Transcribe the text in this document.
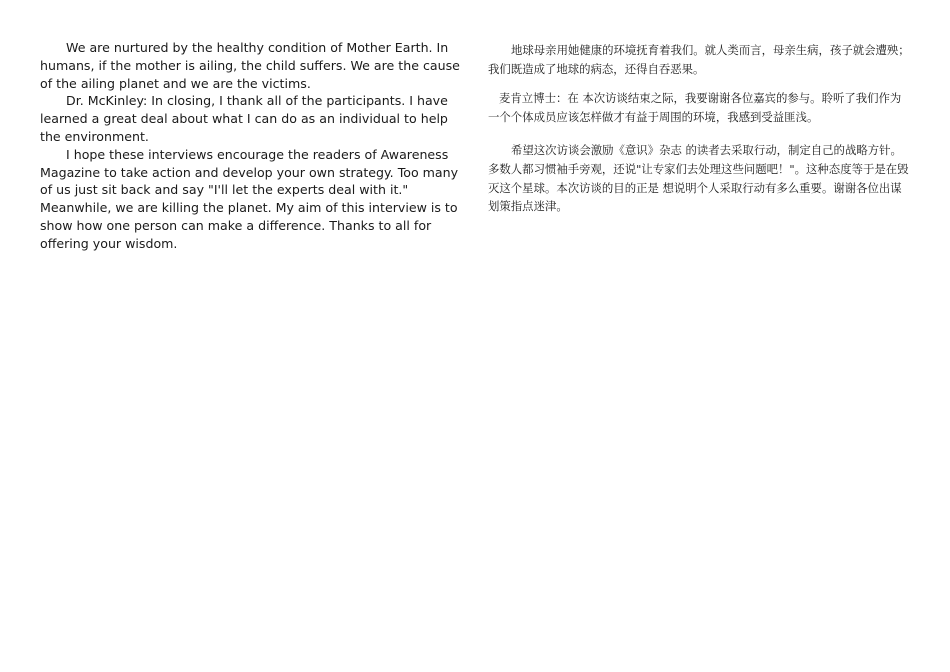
We are nurtured by the healthy condition of Mother Earth. In humans, if the mother is ailing, the child suffers. We are the cause of the ailing planet and we are the victims.

Dr. McKinley: In closing, I thank all of the participants. I have learned a great deal about what I can do as an individual to help the environment.

I hope these interviews encourage the readers of Awareness Magazine to take action and develop your own strategy. Too many of us just sit back and say "I'll let the experts deal with it." Meanwhile, we are killing the planet. My aim of this interview is to show how one person can make a difference. Thanks to all for offering your wisdom.

地球母亲用她健康的环境抚育着我们。就人类而言，母亲生病，孩子就会遭殃；我们既造成了地球的病态，还得自吞恶果。

麦肯立博士：在 本次访谈结束之际，我要谢谢各位嘉宾的参与。聆听了我们作为一个个体成员应该怎样做才有益于周围的环境，我感到受益匪浅。

希望这次访谈会激励《意识》杂志 的读者去采取行动，制定自己的战略方针。多数人都习惯袖手旁观，还说"让专家们去处理这些问题吧！"。这种态度等于是在毁灭这个星球。本次访谈的目的正是 想说明个人采取行动有多么重要。谢谢各位出谋划策指点迷津。
